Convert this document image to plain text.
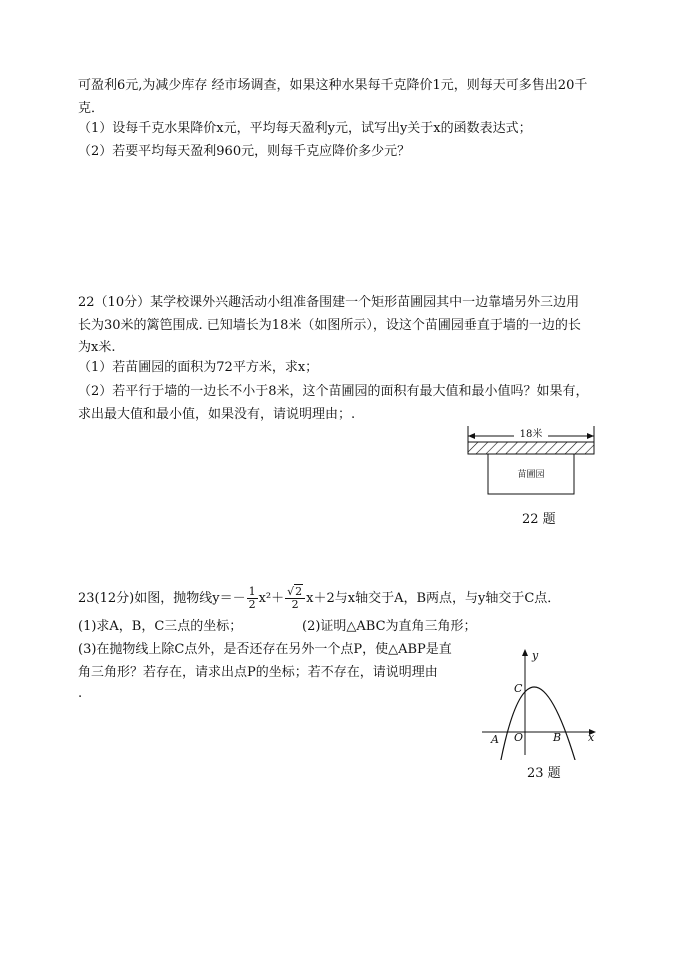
可盈利6元,为减少库存 经市场调查，如果这种水果每千克降价1元，则每天可多售出20千
克．
（1）设每千克水果降价x元，平均每天盈利y元，试写出y关于x的函数表达式；
（2）若要平均每天盈利960元，则每千克应降价多少元？
22（10分）某学校课外兴趣活动小组准备围建一个矩形苗圃园其中一边靠墙另外三边用
长为30米的篱笆围成. 已知墙长为18米（如图所示），设这个苗圃园垂直于墙的一边的长
为x米.
（1）若苗圃园的面积为72平方米，求x；
（2）若平行于墙的一边长不小于8米，这个苗圃园的面积有最大值和最小值吗？如果有，
求出最大值和最小值，如果没有，请说明理由；.
18米
苗圃园
22 题
23(12分)如图，抛物线$y=- \frac{1}{2} x^2+ \frac{√2}{2} x+2$与x轴交于A，B两点，与y轴交于C点．
(1)求A，B，C三点的坐标；	(2)证明△ABC为直角三角形；
(3)在抛物线上除C点外，是否还存在另外一个点P，使△ABP是直
角三角形？若存在，请求出点P的坐标；若不存在，请说明理由
.
y
x
C
A O	B
23 题
